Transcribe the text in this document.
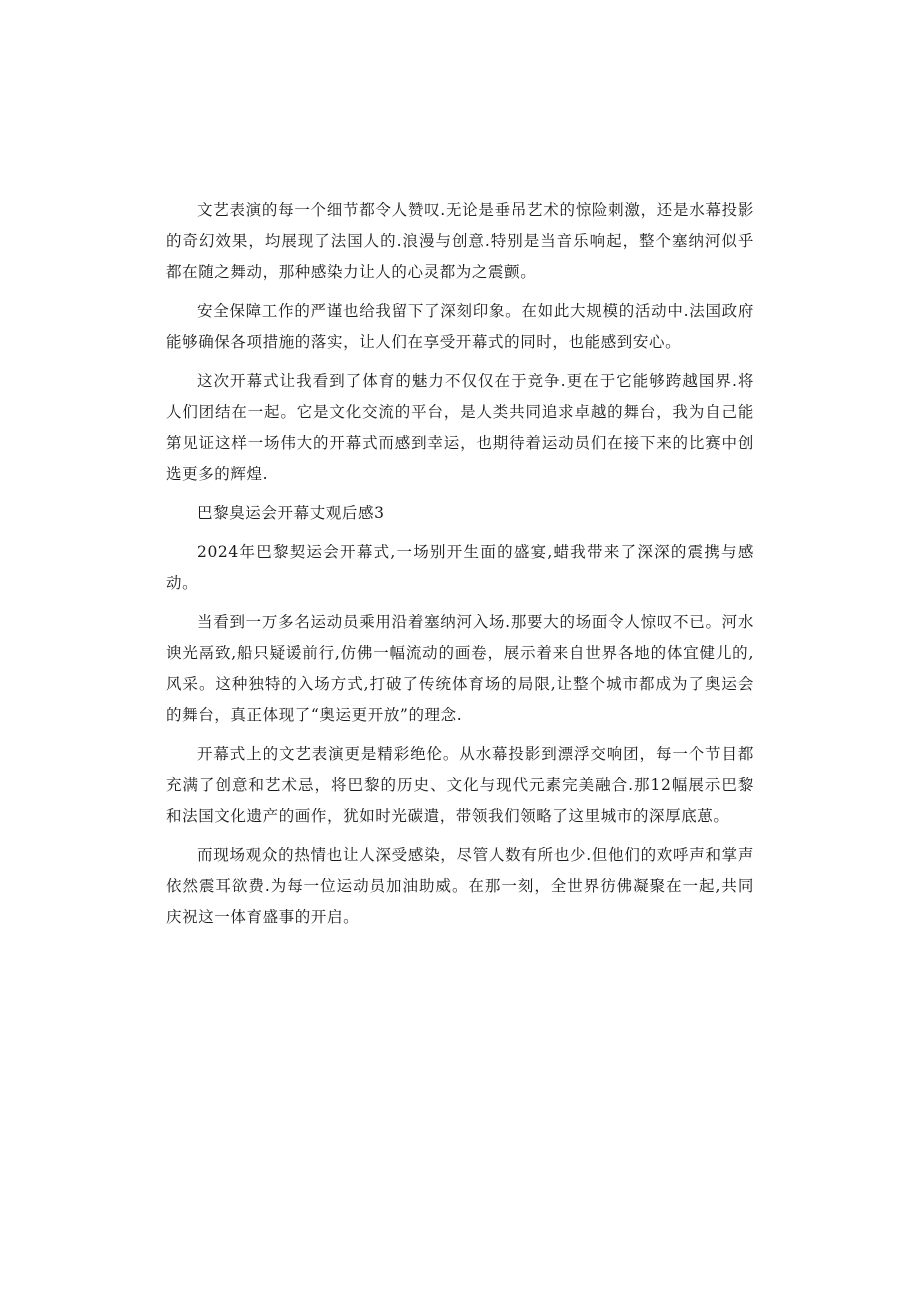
文艺表演的每一个细节都令人赞叹.无论是垂吊艺术的惊险刺激，还是水幕投影的奇幻效果，均展现了法国人的.浪漫与创意.特别是当音乐响起，整个塞纳河似乎都在随之舞动，那种感染力让人的心灵都为之震颤。

安全保障工作的严谨也给我留下了深刻印象。在如此大规模的活动中.法国政府能够确保各项措施的落实，让人们在享受开幕式的同时，也能感到安心。

这次开幕式让我看到了体育的魅力不仅仅在于竞争.更在于它能够跨越国界.将人们团结在一起。它是文化交流的平台，是人类共同追求卓越的舞台，我为自己能第见证这样一场伟大的开幕式而感到幸运，也期待着运动员们在接下来的比赛中创选更多的辉煌.

巴黎臭运会开幕丈观后感3

2024年巴黎契运会开幕式,一场别开生面的盛宴,蜡我带来了深深的震携与感动。

当看到一万多名运动员乘用沿着塞纳河入场.那要大的场面令人惊叹不已。河水谀光鬲致,船只疑谖前行,仿佛一幅流动的画卷，展示着来自世界各地的体宜健儿的,风采。这种独特的入场方式,打破了传统体育场的局限,让整个城市都成为了奥运会的舞台，真正体现了“奥运更开放”的理念.

开幕式上的文艺表演更是精彩绝伦。从水幕投影到漂浮交响团，每一个节目都充满了创意和艺术忌，将巴黎的历史、文化与现代元素完美融合.那12幅展示巴黎和法国文化遗产的画作，犹如时光碳遣，带领我们领略了这里城市的深厚底葸。

而现场观众的热情也让人深受感染，尽管人数有所也少.但他们的欢呼声和掌声依然震耳欲费.为每一位运动员加油助威。在那一刻，全世界彷佛凝聚在一起,共同庆祝这一体育盛事的开启。
